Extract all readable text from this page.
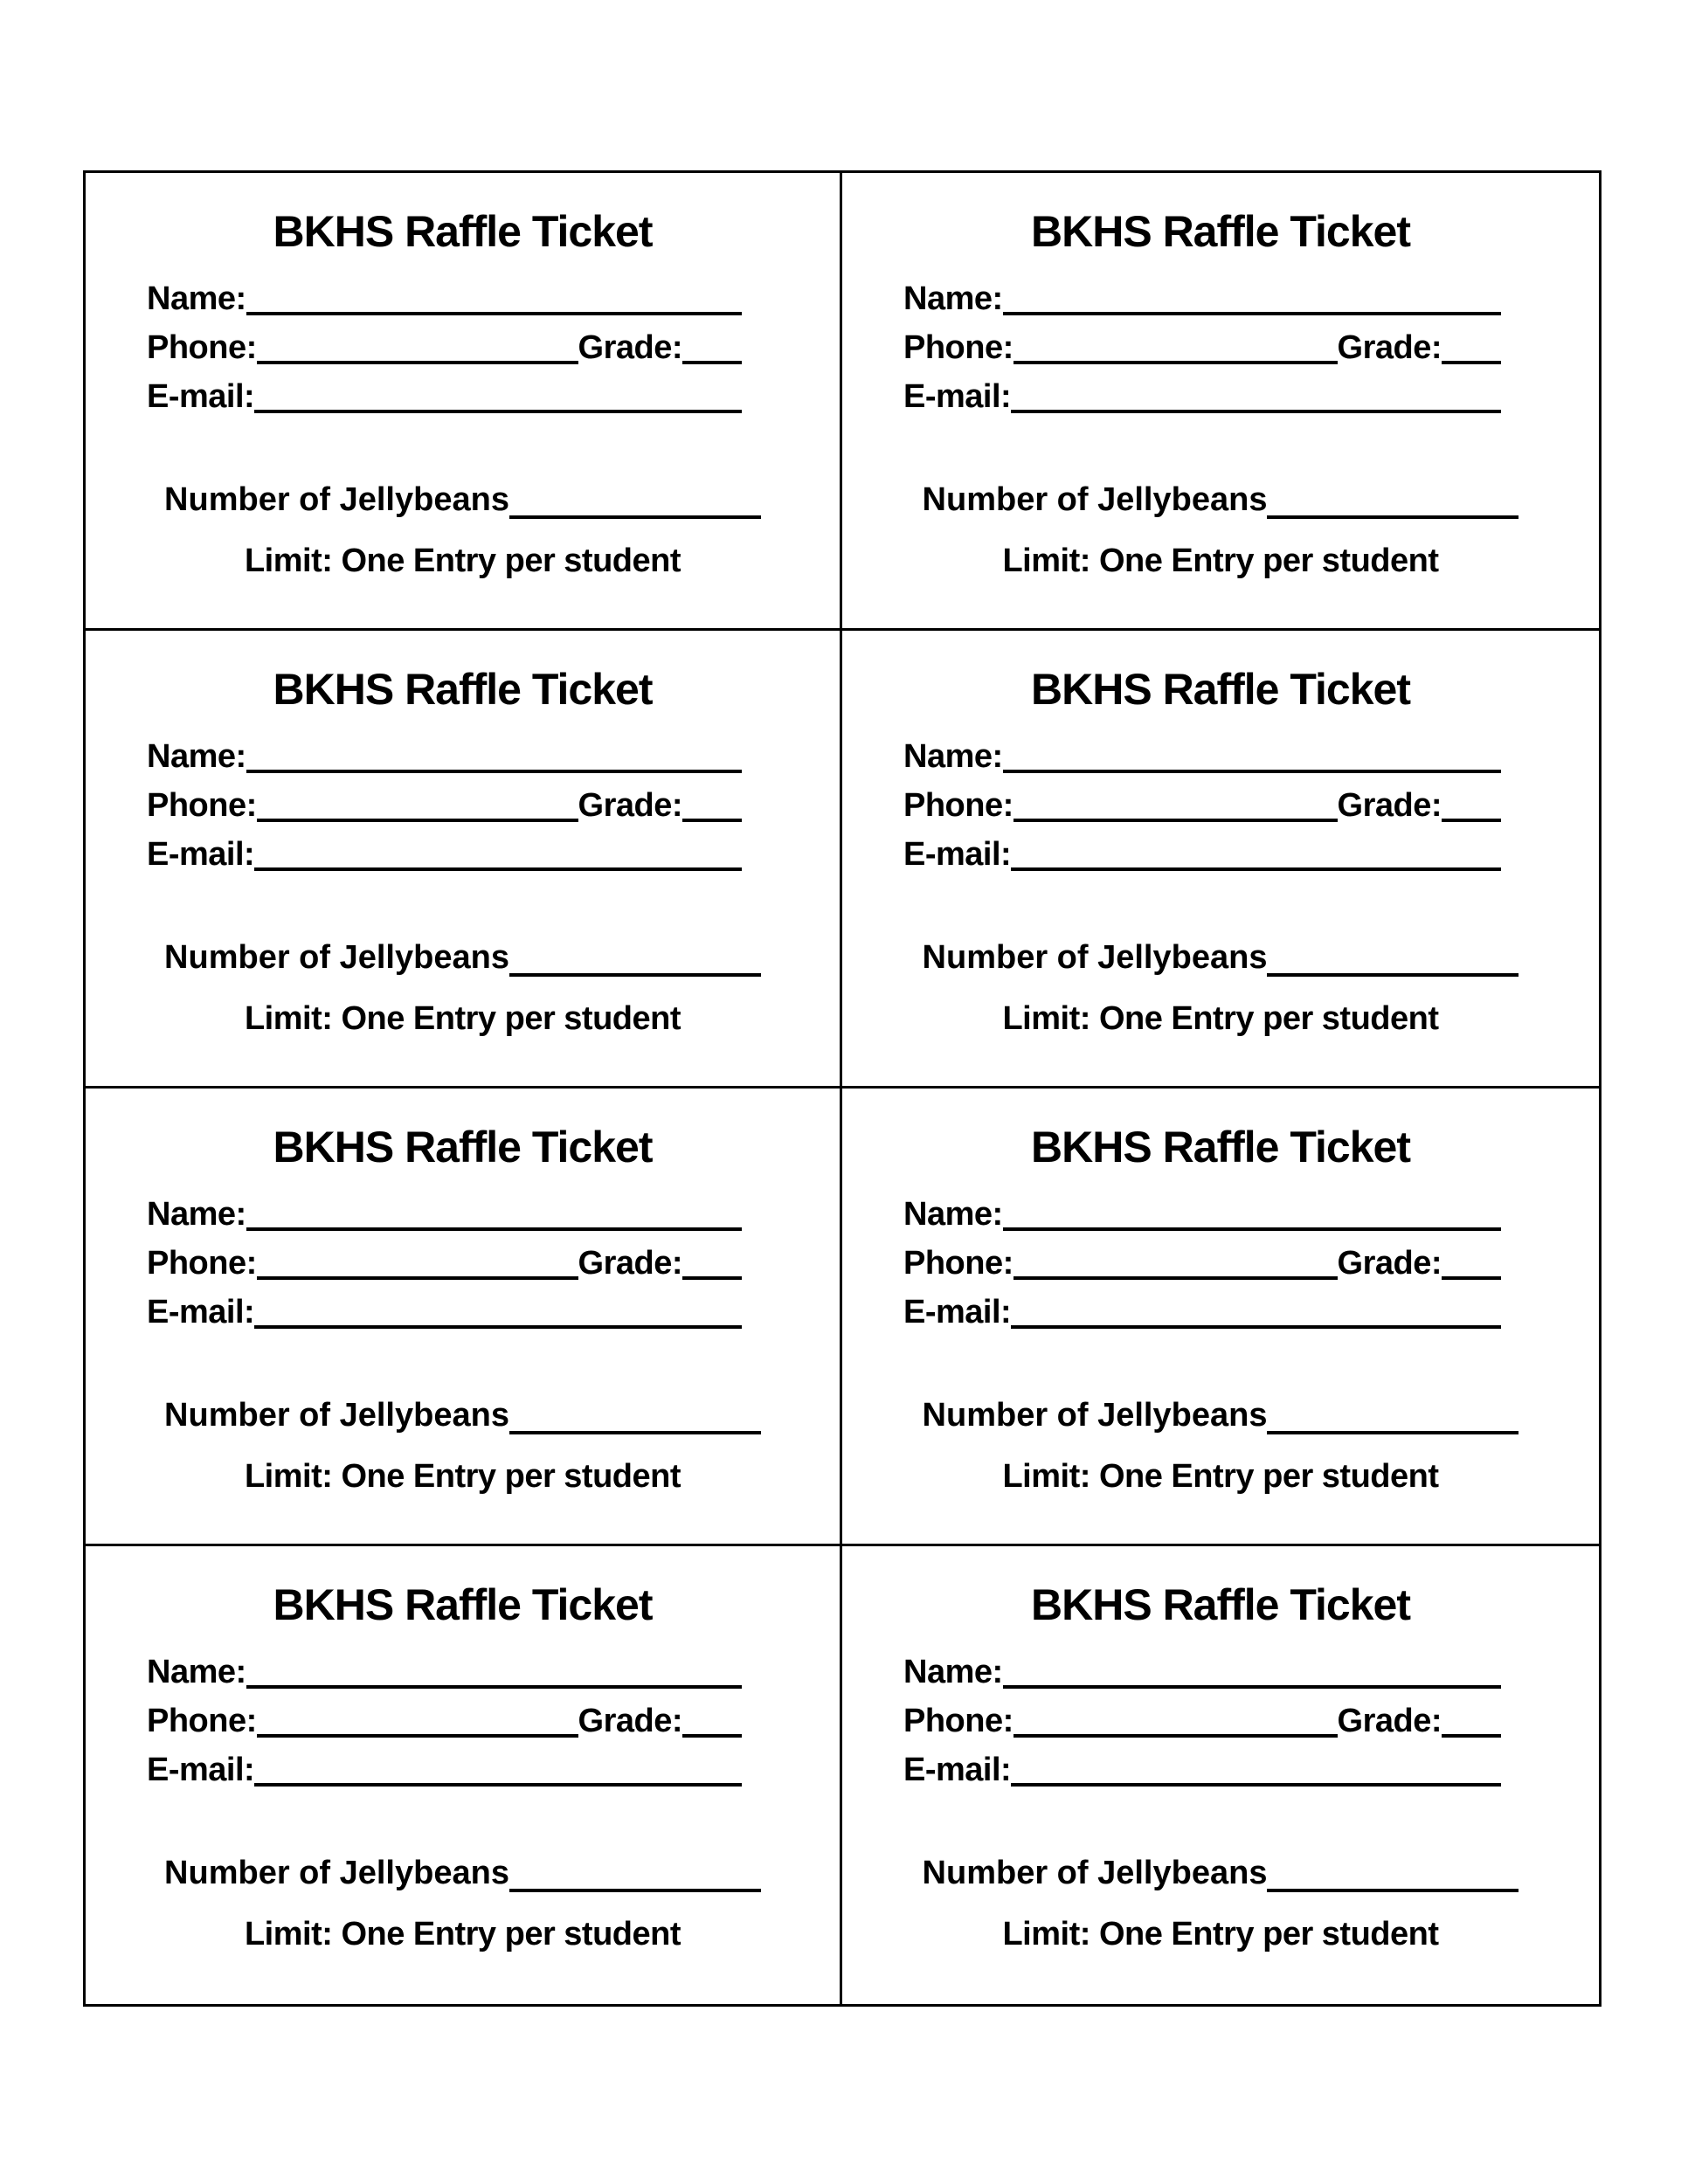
BKHS Raffle Ticket
Name:
Phone:	Grade:
E-mail:
Number of Jellybeans
Limit: One Entry per student
BKHS Raffle Ticket
Name:
Phone:	Grade:
E-mail:
Number of Jellybeans
Limit: One Entry per student
BKHS Raffle Ticket
Name:
Phone:	Grade:
E-mail:
Number of Jellybeans
Limit: One Entry per student
BKHS Raffle Ticket
Name:
Phone:	Grade:
E-mail:
Number of Jellybeans
Limit: One Entry per student
BKHS Raffle Ticket
Name:
Phone:	Grade:
E-mail:
Number of Jellybeans
Limit: One Entry per student
BKHS Raffle Ticket
Name:
Phone:	Grade:
E-mail:
Number of Jellybeans
Limit: One Entry per student
BKHS Raffle Ticket
Name:
Phone:	Grade:
E-mail:
Number of Jellybeans
Limit: One Entry per student
BKHS Raffle Ticket
Name:
Phone:	Grade:
E-mail:
Number of Jellybeans
Limit: One Entry per student
